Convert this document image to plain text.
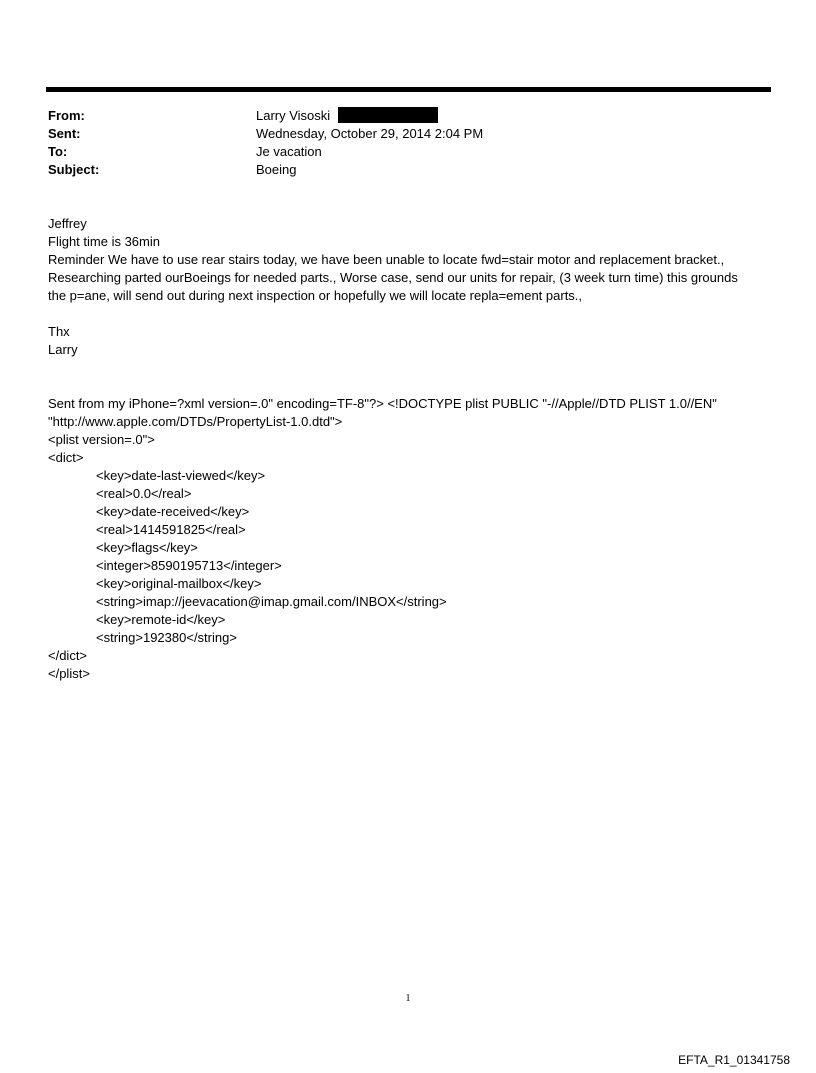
From:	Larry Visoski
Sent:	Wednesday, October 29, 2014 2:04 PM
To:	Je vacation
Subject:	Boeing
Jeffrey
Flight time is 36min
Reminder We have to use rear stairs today, we have been unable to locate fwd=stair motor and replacement bracket.,
Researching parted ourBoeings for needed parts., Worse case, send our units for repair, (3 week turn time) this grounds
the p=ane, will send out during next inspection or hopefully we will locate repla=ement parts.,
Thx
Larry
Sent from my iPhone=?xml version=.0" encoding=TF-8"?> <!DOCTYPE plist PUBLIC "-//Apple//DTD PLIST 1.0//EN"
"http://www.apple.com/DTDs/PropertyList-1.0.dtd">
<plist version=.0">
<dict>
<key>date-last-viewed</key>
<real>0.0</real>
<key>date-received</key>
<real>1414591825</real>
<key>flags</key>
<integer>8590195713</integer>
<key>original-mailbox</key>
<string>imap://jeevacation@imap.gmail.com/INBOX</string>
<key>remote-id</key>
<string>192380</string>
</dict>
</plist>
1
EFTA_R1_01341758
